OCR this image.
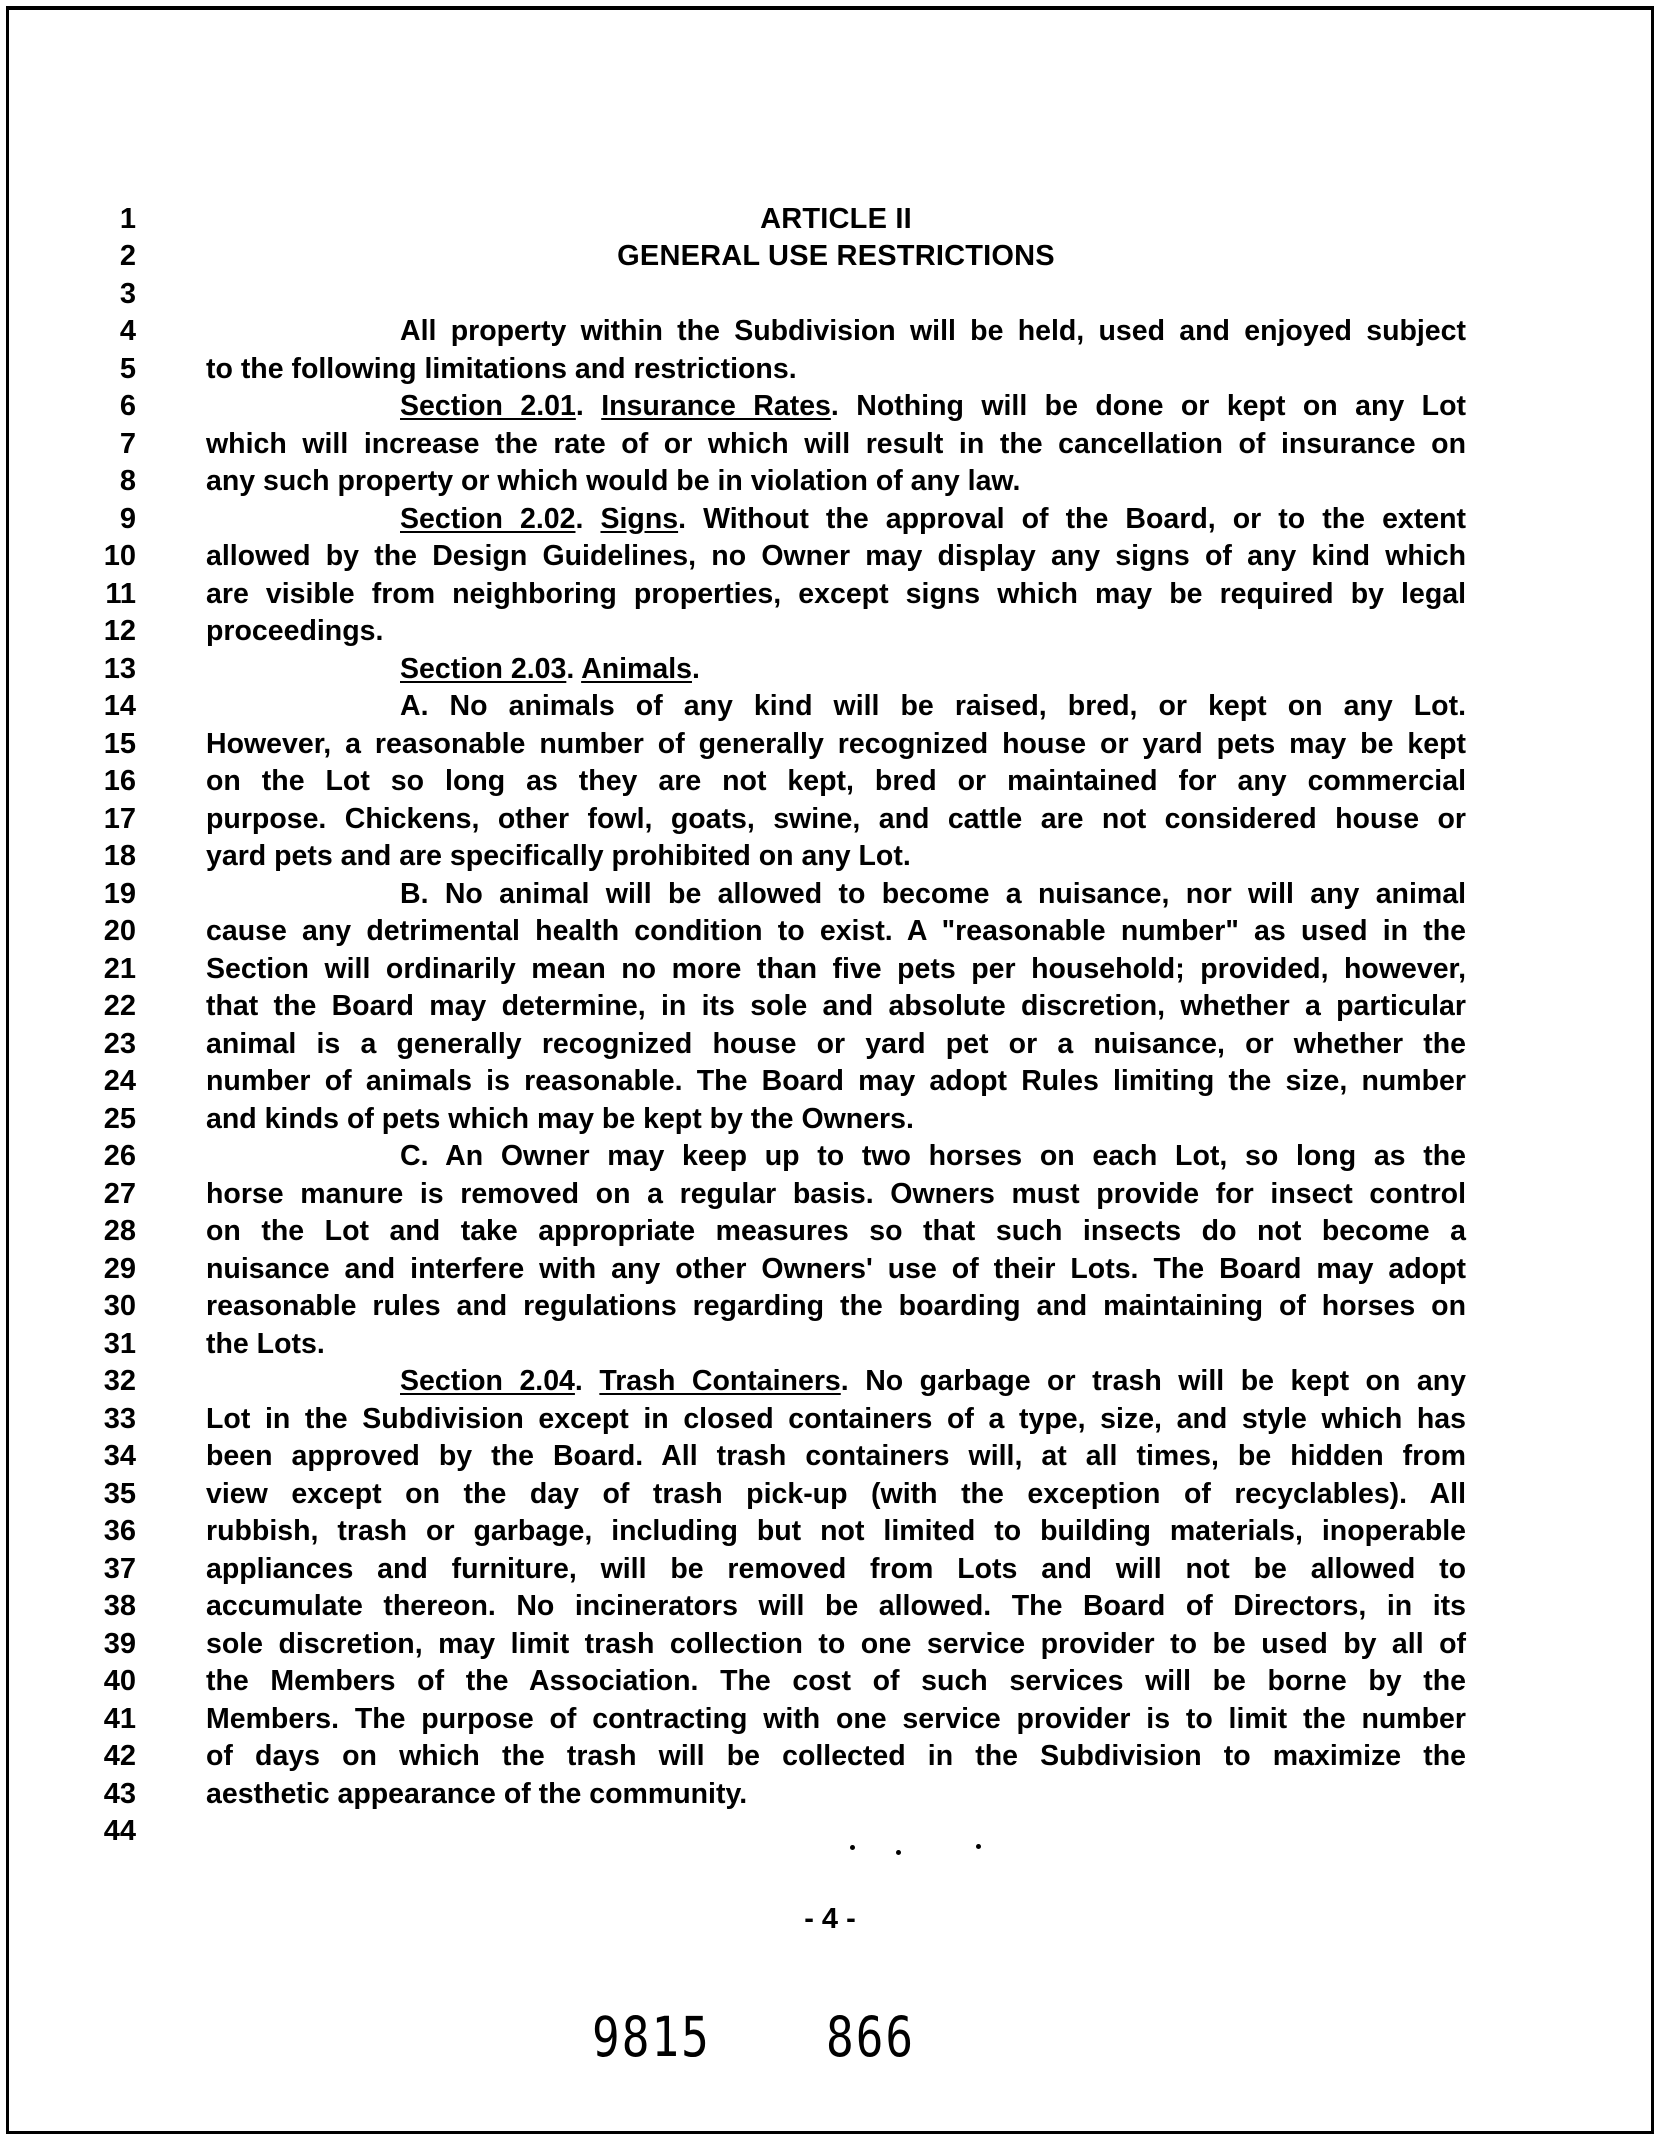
1
2
3
4
5
6
7
8
9
10
11
12
13
14
15
16
17
18
19
20
21
22
23
24
25
26
27
28
29
30
31
32
33
34
35
36
37
38
39
40
41
42
43
44
ARTICLE II
GENERAL USE RESTRICTIONS
All property within the Subdivision will be held, used and enjoyed subject
to the following limitations and restrictions.
Section 2.01. Insurance Rates. Nothing will be done or kept on any Lot
which will increase the rate of or which will result in the cancellation of insurance on
any such property or which would be in violation of any law.
Section 2.02. Signs. Without the approval of the Board, or to the extent
allowed by the Design Guidelines, no Owner may display any signs of any kind which
are visible from neighboring properties, except signs which may be required by legal
proceedings.
Section 2.03. Animals.
A. No animals of any kind will be raised, bred, or kept on any Lot.
However, a reasonable number of generally recognized house or yard pets may be kept
on the Lot so long as they are not kept, bred or maintained for any commercial
purpose. Chickens, other fowl, goats, swine, and cattle are not considered house or
yard pets and are specifically prohibited on any Lot.
B. No animal will be allowed to become a nuisance, nor will any animal
cause any detrimental health condition to exist. A "reasonable number" as used in the
Section will ordinarily mean no more than five pets per household; provided, however,
that the Board may determine, in its sole and absolute discretion, whether a particular
animal is a generally recognized house or yard pet or a nuisance, or whether the
number of animals is reasonable. The Board may adopt Rules limiting the size, number
and kinds of pets which may be kept by the Owners.
C. An Owner may keep up to two horses on each Lot, so long as the
horse manure is removed on a regular basis. Owners must provide for insect control
on the Lot and take appropriate measures so that such insects do not become a
nuisance and interfere with any other Owners' use of their Lots. The Board may adopt
reasonable rules and regulations regarding the boarding and maintaining of horses on
the Lots.
Section 2.04. Trash Containers. No garbage or trash will be kept on any
Lot in the Subdivision except in closed containers of a type, size, and style which has
been approved by the Board. All trash containers will, at all times, be hidden from
view except on the day of trash pick-up (with the exception of recyclables). All
rubbish, trash or garbage, including but not limited to building materials, inoperable
appliances and furniture, will be removed from Lots and will not be allowed to
accumulate thereon. No incinerators will be allowed. The Board of Directors, in its
sole discretion, may limit trash collection to one service provider to be used by all of
the Members of the Association. The cost of such services will be borne by the
Members. The purpose of contracting with one service provider is to limit the number
of days on which the trash will be collected in the Subdivision to maximize the
aesthetic appearance of the community.
- 4 -
9815	866
